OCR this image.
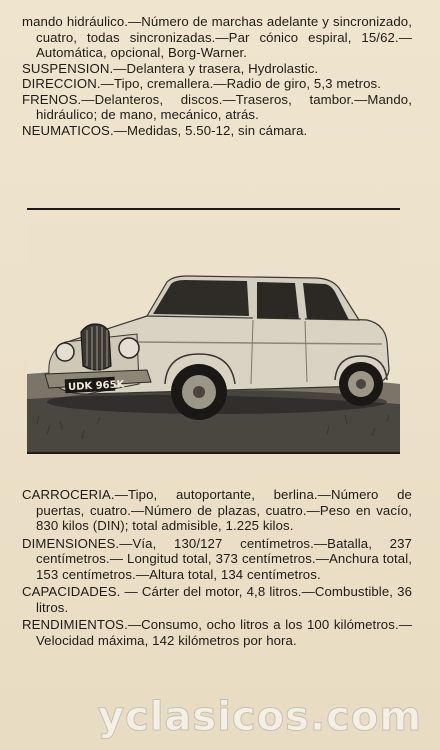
mando hidráulico.—Número de marchas adelante y sincronizado, cuatro, todas sincronizadas.—Par cónico espiral, 15/62.—Automática, opcional, Borg-Warner.

SUSPENSION.—Delantera y trasera, Hydrolastic.

DIRECCION.—Tipo, cremallera.—Radio de giro, 5,3 metros.

FRENOS.—Delanteros, discos.—Traseros, tambor.—Mando, hidráulico; de mano, mecánico, atrás.

NEUMATICOS.—Medidas, 5.50-12, sin cámara.

UDK 965K

CARROCERIA.—Tipo, autoportante, berlina.—Número de puertas, cuatro.—Número de plazas, cuatro.—Peso en vacío, 830 kilos (DIN); total admisible, 1.225 kilos.

DIMENSIONES.—Vía, 130/127 centímetros.—Batalla, 237 centímetros.— Longitud total, 373 centímetros.—Anchura total, 153 centímetros.—Altura total, 134 centímetros.

CAPACIDADES. — Cárter del motor, 4,8 litros.—Combustible, 36 litros.

RENDIMIENTOS.—Consumo, ocho litros a los 100 kilómetros.—Velocidad máxima, 142 kilómetros por hora.

yclasicos.com
